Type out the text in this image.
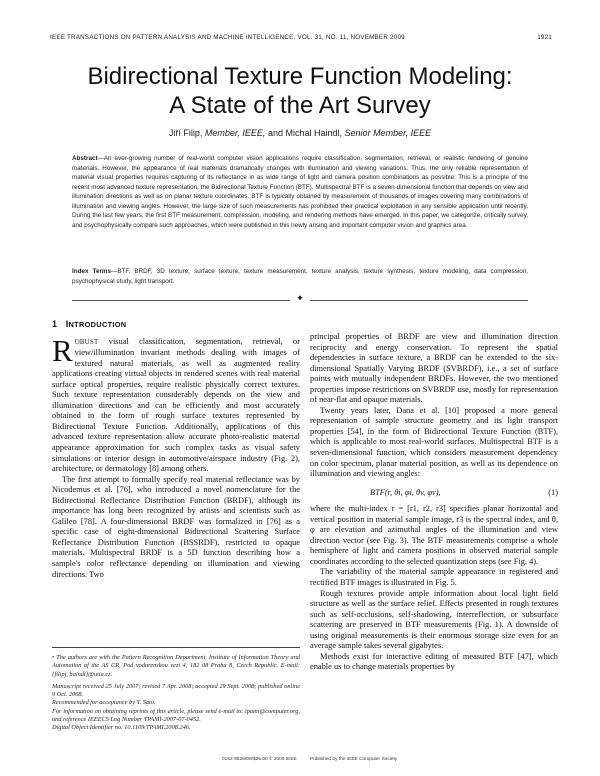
IEEE TRANSACTIONS ON PATTERN ANALYSIS AND MACHINE INTELLIGENCE, VOL. 31, NO. 11, NOVEMBER 2009	1921
Bidirectional Texture Function Modeling:
A State of the Art Survey
Jiří Filip, Member, IEEE, and Michal Haindl, Senior Member, IEEE
Abstract—An ever-growing number of real-world computer vision applications require classification, segmentation, retrieval, or realistic rendering of genuine materials. However, the appearance of real materials dramatically changes with illumination and viewing variations. Thus, the only reliable representation of material visual properties requires capturing of its reflectance in as wide range of light and camera position combinations as possible. This is a principle of the recent most advanced texture representation, the Bidirectional Texture Function (BTF). Multispectral BTF is a seven-dimensional function that depends on view and illumination directions as well as on planar texture coordinates. BTF is typically obtained by measurement of thousands of images covering many combinations of illumination and viewing angles. However, the large size of such measurements has prohibited their practical exploitation in any sensible application until recently. During the last few years, the first BTF measurement, compression, modeling, and rendering methods have emerged. In this paper, we categorize, critically survey, and psychophysically compare such approaches, which were published in this newly arising and important computer vision and graphics area.
Index Terms—BTF, BRDF, 3D texture, surface texture, texture measurement, texture analysis, texture synthesis, texture modeling, data compression, psychophysical study, light transport.
✦
1 INTRODUCTION

ROBUST visual classification, segmentation, retrieval, or view/illumination invariant methods dealing with images of textured natural materials, as well as augmented reality applications creating virtual objects in rendered scenes with real material surface optical properties, require realistic physically correct textures. Such texture representation considerably depends on the view and illumination directions and can be efficiently and most accurately obtained in the form of rough surface textures represented by Bidirectional Texture Function. Additionally, applications of this advanced texture representation allow accurate photo-realistic material appearance approximation for such complex tasks as visual safety simulations or interior design in automotive/airspace industry (Fig. 2), architecture, or dermatology [8] among others.

The first attempt to formally specify real material reflectance was by Nicodemus et al. [76], who introduced a novel nomenclature for the Bidirectional Reflectance Distribution Function (BRDF), although its importance has long been recognized by artists and scientists such as Galileo [78]. A four-dimensional BRDF was formalized in [76] as a specific case of eight-dimensional Bidirectional Scattering Surface Reflectance Distribution Function (BSSRDF), restricted to opaque materials. Multispectral BRDF is a 5D function describing how a sample's color reflectance depending on illumination and viewing directions. Two

principal properties of BRDF are view and illumination direction reciprocity and energy conservation. To represent the spatial dependencies in surface texture, a BRDF can be extended to the six-dimensional Spatially Varying BRDF (SVBRDF), i.e., a set of surface points with mutually independent BRDFs. However, the two mentioned properties impose restrictions on SVBRDF use, mostly for representation of near-flat and opaque materials.

Twenty years later, Dana et al. [10] proposed a more general representation of sample structure geometry and its light transport properties [54], in the form of Bidirectional Texture Function (BTF), which is applicable to most real-world surfaces. Multispectral BTF is a seven-dimensional function, which considers measurement dependency on color spectrum, planar material position, as well as its dependence on illumination and viewing angles:

BTF(r, θi, φi, θv, φv),	(1)

where the multi-index r = [r1, r2, r3] specifies planar horizontal and vertical position in material sample image, r3 is the spectral index, and θ, φ are elevation and azimuthal angles of the illumination and view direction vector (see Fig. 3). The BTF measurements comprise a whole hemisphere of light and camera positions in observed material sample coordinates according to the selected quantization steps (see Fig. 4).

The variability of the material sample appearance in registered and rectified BTF images is illustrated in Fig. 5.

Rough textures provide ample information about local light field structure as well as the surface relief. Effects presented in rough textures such as self-occlusions, self-shadowing, interreflection, or subsurface scattering are preserved in BTF measurements (Fig. 1). A downside of using original measurements is their enormous storage size even for an average sample takes several gigabytes.

Methods exist for interactive editing of measured BTF [47], which enable us to change materials properties by

• The authors are with the Pattern Recognition Department, Institute of Information Theory and Automation of the AS CR, Pod vodarenskou vezi 4, 182 08 Praha 8, Czech Republic. E-mail: {filipj, haindl}@utia.cz.

Manuscript received 25 July 2007; revised 7 Apr. 2008; accepted 29 Sept. 2008; published online 9 Oct. 2008.

Recommended for acceptance by Y. Sato.

For information on obtaining reprints of this article, please send e-mail to: tpami@computer.org, and reference IEEECS Log Number TPAMI-2007-07-0452.

Digital Object Identifier no. 10.1109/TPAMI.2008.246.

0162-8828/09/$25.00 © 2009 IEEE	Published by the IEEE Computer Society
